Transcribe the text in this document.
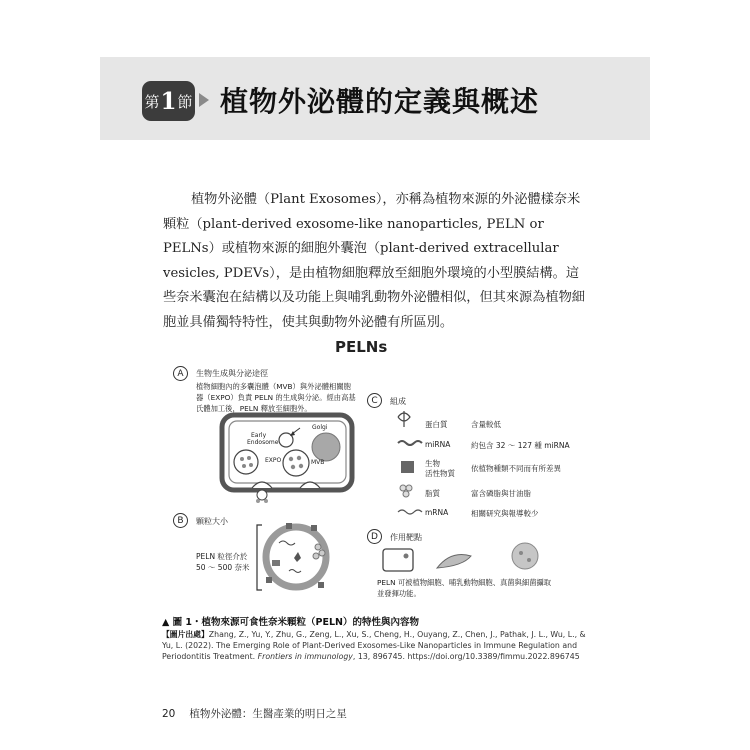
第 1 節 植物外泌體的定義與概述

植物外泌體（Plant Exosomes），亦稱為植物來源的外泌體樣奈米顆粒（plant-derived exosome-like nanoparticles, PELN or PELNs）或植物來源的細胞外囊泡（plant-derived extracellular vesicles, PDEVs），是由植物細胞釋放至細胞外環境的小型膜結構。這些奈米囊泡在結構以及功能上與哺乳動物外泌體相似，但其來源為植物細胞並具備獨特特性，使其與動物外泌體有所區別。

PELNs
A	生物生成與分泌途徑
植物細胞內的多囊泡體（MVB）與外泌體相關胞器（EXPO）負責 PELN 的生成與分泌。經由高基氏體加工後，PELN 釋放至細胞外。
Early
Endosome
Golgi
EXPO	MVB
B	顆粒大小
PELN 粒徑介於
50 ～ 500 奈米
C	組成
蛋白質	含量較低
miRNA	約包含 32 ～ 127 種 miRNA
生物
活性物質
依植物種類不同而有所差異
脂質	富含磷脂與甘油脂
mRNA	相關研究與報導較少
D	作用靶點
PELN 可被植物細胞、哺乳動物細胞、真菌與細菌攝取並發揮功能。
▲ 圖 1・植物來源可食性奈米顆粒（PELN）的特性與內容物
【圖片出處】Zhang, Z., Yu, Y., Zhu, G., Zeng, L., Xu, S., Cheng, H., Ouyang, Z., Chen, J., Pathak, J. L., Wu, L., & Yu, L. (2022). The Emerging Role of Plant-Derived Exosomes-Like Nanoparticles in Immune Regulation and Periodontitis Treatment. Frontiers in immunology, 13, 896745. https://doi.org/10.3389/fimmu.2022.896745
20 植物外泌體：生醫產業的明日之星
